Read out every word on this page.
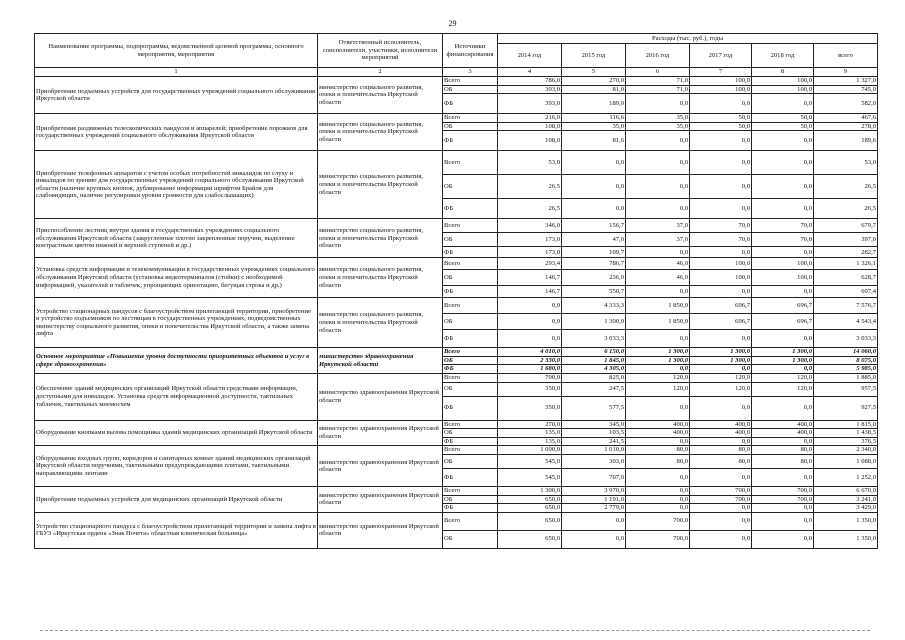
29
Наименование программы, подпрограммы, ведомственной целевой программы, основного мероприятия, мероприятия	Ответственный исполнитель, соисполнители, участники, исполнители мероприятий	Источники финансирования	Расходы (тыс. руб.), годы					
			2014 год	2015 год	2016 год	2017 год	2018 год	всего
1	2	3	4	5	6	7	8	9
Приобретение подъемных устройств для государственных учреждений социального обслуживания Иркутской области	министерство социального развития, опеки и попечительства Иркутской области	Всего	786,0	270,0	71,0	100,0	100,0	1 327,0
		ОБ	393,0	81,0	71,0	100,0	100,0	745,0
		ФБ	393,0	189,0	0,0	0,0	0,0	582,0
Приобретение раздвижных телескопических пандусов и аппарелей; приобретение порожков для государственных учреждений социального обслуживания Иркутской области	министерство социального развития, опеки и попечительства Иркутской области	Всего	216,0	116,6	35,0	50,0	50,0	467,6
		ОБ	108,0	35,0	35,0	50,0	50,0	278,0
		ФБ	108,0	81,6	0,0	0,0	0,0	189,6
Приобретение телефонных аппаратов с учетом особых потребностей инвалидов по слуху и инвалидов по зрению для государственных учреждений социального обслуживания Иркутской области (наличие крупных кнопок, дублирование информации шрифтом Брайля для слабовидящих, наличие регулировки уровня громкости для слабослышащих)	министерство социального развития, опеки и попечительства Иркутской области	Всего	53,0	0,0	0,0	0,0	0,0	53,0
		ОБ	26,5	0,0	0,0	0,0	0,0	26,5
		ФБ	26,5	0,0	0,0	0,0	0,0	26,5
Приспособление лестниц внутри здания в государственных учреждениях социального обслуживания Иркутской области (закругленные плотно закрепленные поручни, выделение контрастным цветом нижней и верхней ступеней и др.)	министерство социального развития, опеки и попечительства Иркутской области	Всего	346,0	156,7	37,0	70,0	70,0	679,7
		ОБ	173,0	47,0	37,0	70,0	70,0	397,0
		ФБ	173,0	109,7	0,0	0,0	0,0	282,7
Установка средств информации и телекоммуникации в государственных учреждениях социального обслуживания Иркутской области (установка видеотерминалов (стойки) с необходимой информацией, указателей и табличек, упрощающих ориентацию, бегущая строка и др.)	министерство социального развития, опеки и попечительства Иркутской области	Всего	293,4	786,7	46,0	100,0	100,0	1 326,1
		ОБ	146,7	236,0	46,0	100,0	100,0	628,7
		ФБ	146,7	550,7	0,0	0,0	0,0	697,4
Устройство стационарных пандусов с благоустройством прилегающей территории, приобретение и устройство подъемников по лестницам в государственных учреждениях, подведомственных министерству социального развития, опеки и попечительства Иркутской области, а также замена лифта	министерство социального развития, опеки и попечительства Иркутской области	Всего	0,0	4 333,3	1 850,0	696,7	696,7	7 576,7
		ОБ	0,0	1 300,0	1 850,0	696,7	696,7	4 543,4
		ФБ	0,0	3 033,3	0,0	0,0	0,0	3 033,3
Основное мероприятие «Повышение уровня доступности приоритетных объектов и услуг в сфере здравоохранения»	министерство здравоохранения Иркутской области	Всего	4 010,0	6 150,0	1 300,0	1 300,0	1 300,0	14 060,0
		ОБ	2 330,0	1 845,0	1 300,0	1 300,0	1 300,0	8 075,0
		ФБ	1 680,0	4 305,0	0,0	0,0	0,0	5 985,0
Обеспечение зданий медицинских организаций Иркутской области средствами информации, доступными для инвалидов. Установка средств информационной доступности, тактильных табличек, тактильных мнемосхем	министерство здравоохранения Иркутской области	Всего	700,0	825,0	120,0	120,0	120,0	1 885,0
		ОБ	350,0	247,5	120,0	120,0	120,0	957,5
		ФБ	350,0	577,5	0,0	0,0	0,0	927,5
Оборудование кнопками вызова помощника зданий медицинских организаций Иркутской области	министерство здравоохранения Иркутской области	Всего	270,0	345,0	400,0	400,0	400,0	1 815,0
		ОБ	135,0	103,5	400,0	400,0	400,0	1 438,5
		ФБ	135,0	241,5	0,0	0,0	0,0	376,5
Оборудование входных групп, коридоров и санитарных комнат зданий медицинских организаций Иркутской области поручнями, тактильными предупреждающими плитами, тактильными направляющими лентами	министерство здравоохранения Иркутской области	Всего	1 090,0	1 010,0	80,0	80,0	80,0	2 340,0
		ОБ	545,0	303,0	80,0	80,0	80,0	1 088,0
		ФБ	545,0	707,0	0,0	0,0	0,0	1 252,0
Приобретение подъемных устройств для медицинских организаций Иркутской области	министерство здравоохранения Иркутской области	Всего	1 300,0	3 970,0	0,0	700,0	700,0	6 670,0
		ОБ	650,0	1 191,0	0,0	700,0	700,0	3 241,0
		ФБ	650,0	2 779,0	0,0	0,0	0,0	3 429,0
Устройство стационарного пандуса с благоустройством прилегающей территории и замена лифта в ГБУЗ «Иркутская ордена «Знак Почета» областная клиническая больница»	министерство здравоохранения Иркутской области	Всего	650,0	0,0	700,0	0,0	0,0	1 350,0
		ОБ	650,0	0,0	700,0	0,0	0,0	1 350,0
